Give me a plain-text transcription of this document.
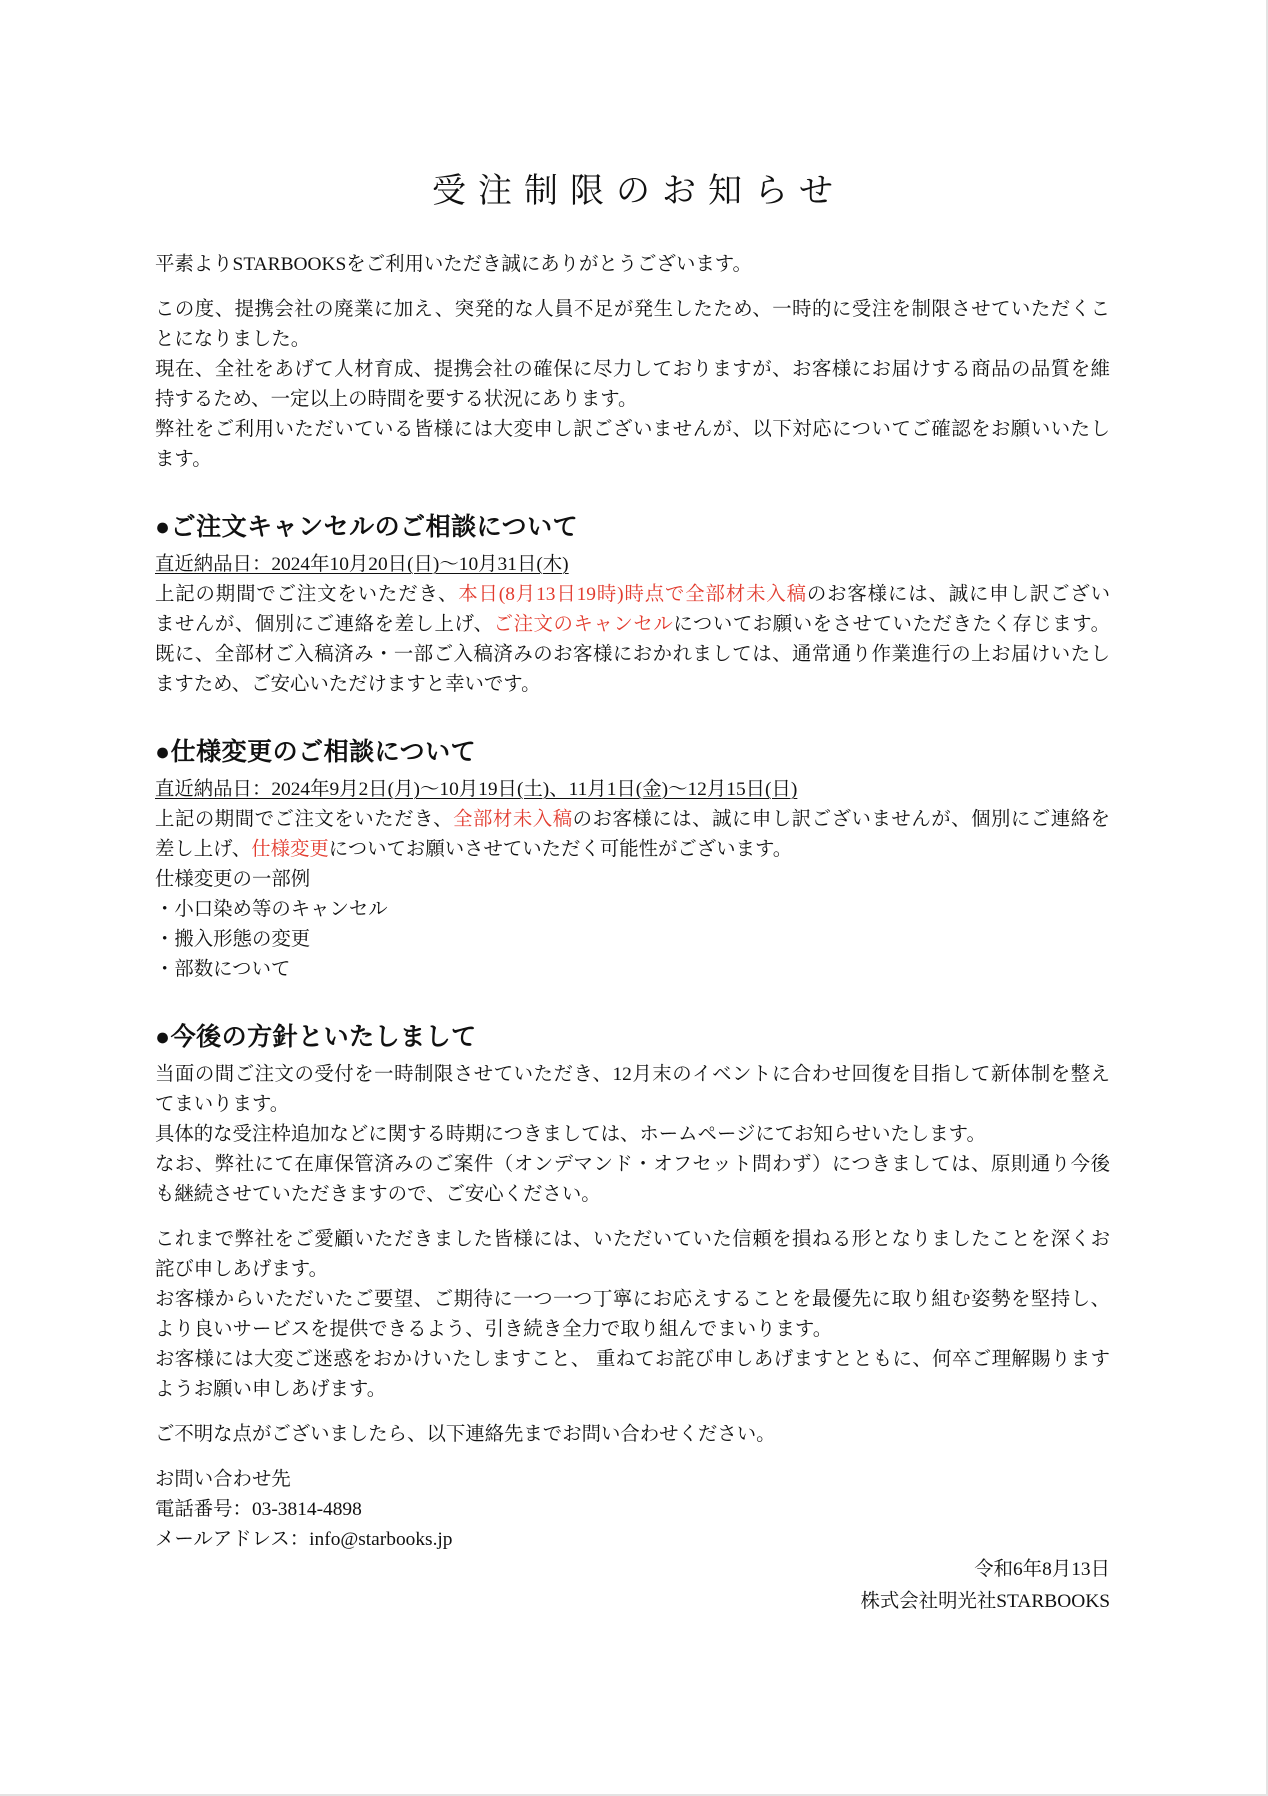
受注制限のお知らせ
平素よりSTARBOOKSをご利用いただき誠にありがとうございます。
この度、提携会社の廃業に加え、突発的な人員不足が発生したため、一時的に受注を制限させていただくこ
とになりました。
現在、全社をあげて人材育成、提携会社の確保に尽力しておりますが、お客様にお届けする商品の品質を維
持するため、一定以上の時間を要する状況にあります。
弊社をご利用いただいている皆様には大変申し訳ございませんが、以下対応についてご確認をお願いいたし
ます。
●ご注文キャンセルのご相談について
直近納品日：2024年10月20日(日)〜10月31日(木)
上記の期間でご注文をいただき、本日(8月13日19時)時点で全部材未入稿のお客様には、誠に申し訳ござい
ませんが、個別にご連絡を差し上げ、ご注文のキャンセルについてお願いをさせていただきたく存じます。
既に、全部材ご入稿済み・一部ご入稿済みのお客様におかれましては、通常通り作業進行の上お届けいたし
ますため、ご安心いただけますと幸いです。
●仕様変更のご相談について
直近納品日：2024年9月2日(月)〜10月19日(土)、11月1日(金)〜12月15日(日)
上記の期間でご注文をいただき、全部材未入稿のお客様には、誠に申し訳ございませんが、個別にご連絡を
差し上げ、仕様変更についてお願いさせていただく可能性がございます。
仕様変更の一部例
・小口染め等のキャンセル
・搬入形態の変更
・部数について
●今後の方針といたしまして
当面の間ご注文の受付を一時制限させていただき、12月末のイベントに合わせ回復を目指して新体制を整え
てまいります。
具体的な受注枠追加などに関する時期につきましては、ホームページにてお知らせいたします。
なお、弊社にて在庫保管済みのご案件（オンデマンド・オフセット問わず）につきましては、原則通り今後
も継続させていただきますので、ご安心ください。
これまで弊社をご愛顧いただきました皆様には、いただいていた信頼を損ねる形となりましたことを深くお
詫び申しあげます。
お客様からいただいたご要望、ご期待に一つ一つ丁寧にお応えすることを最優先に取り組む姿勢を堅持し、
より良いサービスを提供できるよう、引き続き全力で取り組んでまいります。
お客様には大変ご迷惑をおかけいたしますこと、 重ねてお詫び申しあげますとともに、何卒ご理解賜ります
ようお願い申しあげます。
ご不明な点がございましたら、以下連絡先までお問い合わせください。
お問い合わせ先
電話番号：03-3814-4898
メールアドレス：info@starbooks.jp
令和6年8月13日
株式会社明光社STARBOOKS
